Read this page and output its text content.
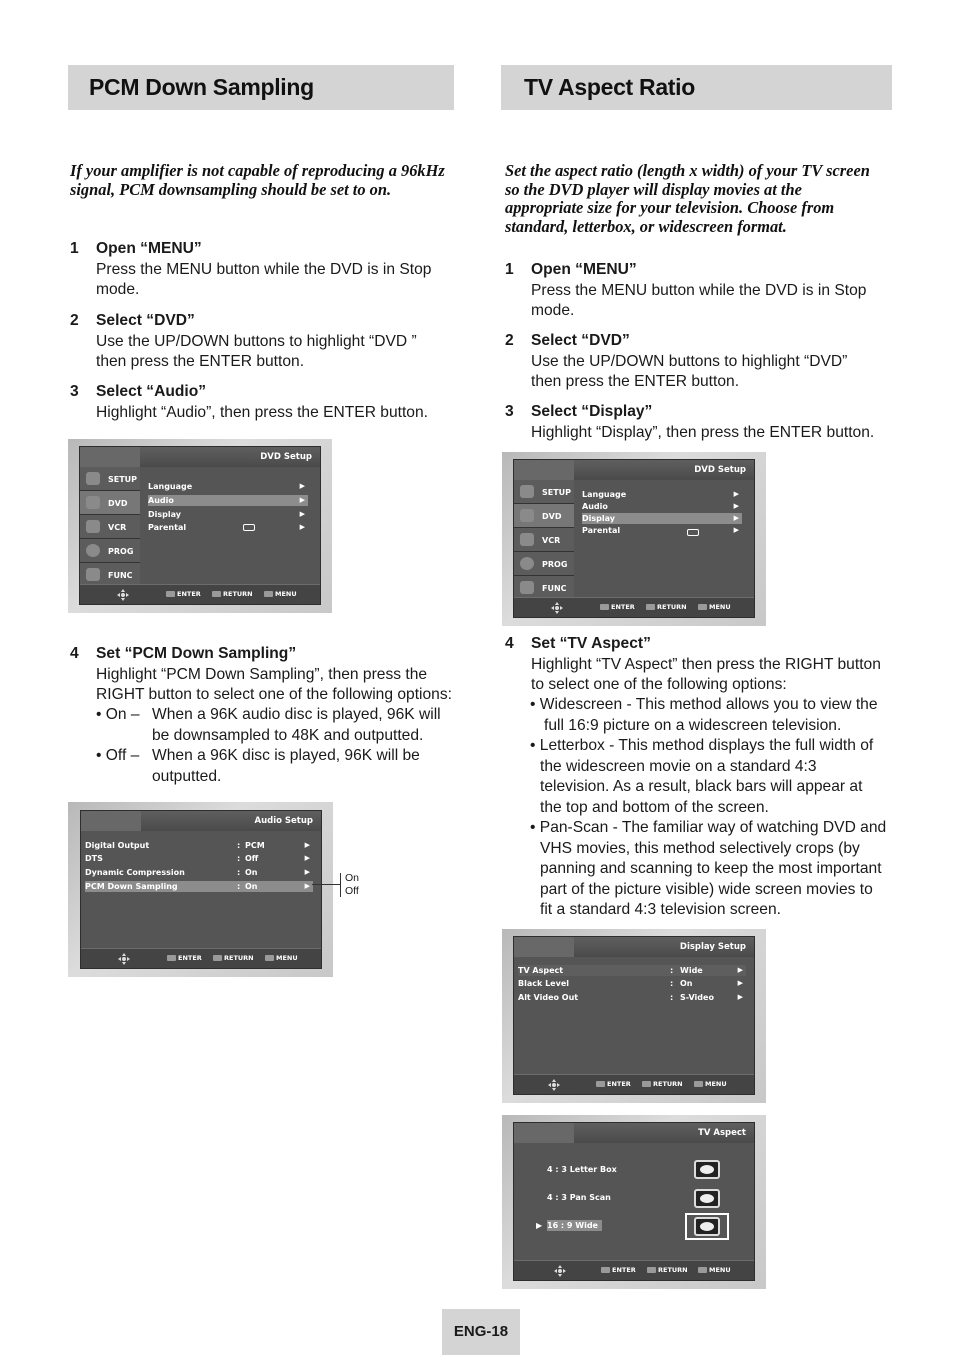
PCM Down Sampling
If your amplifier is not capable of reproducing a 96kHz
signal, PCM downsampling should be set to on.
1 Open “MENU”
Press the MENU button while the DVD is in Stop
mode.
2 Select “DVD”
Use the UP/DOWN buttons to highlight “DVD ”
then press the ENTER button.
3 Select “Audio”
Highlight “Audio”, then press the ENTER button.
DVD Setup
SETUP
DVD
VCR
PROG
FUNC
Language	▶
Audio	▶
Display	▶
Parental	▶
ENTER	RETURN	MENU
4 Set “PCM Down Sampling”
Highlight “PCM Down Sampling”, then press the
RIGHT button to select one of the following options:
• On – When a 96K audio disc is played, 96K will
be downsampled to 48K and outputted.
• Off – When a 96K disc is played, 96K will be
outputted.
Audio Setup
Digital Output	: PCM	▶
DTS	: Off	▶
Dynamic Compression	: On	▶
PCM Down Sampling	: On	▶
ENTER	RETURN	MENU
On
Off
TV Aspect Ratio
Set the aspect ratio (length x width) of your TV screen
so the DVD player will display movies at the
appropriate size for your television. Choose from
standard, letterbox, or widescreen format.
1 Open “MENU”
Press the MENU button while the DVD is in Stop
mode.
2 Select “DVD”
Use the UP/DOWN buttons to highlight “DVD”
then press the ENTER button.
3 Select “Display”
Highlight “Display”, then press the ENTER button.
DVD Setup
SETUP
DVD
VCR
PROG
FUNC
Language	▶
Audio	▶
Display	▶
Parental	▶
ENTER	RETURN	MENU
4 Set “TV Aspect”
Highlight “TV Aspect” then press the RIGHT button
to select one of the following options:
• Widescreen - This method allows you to view the
full 16:9 picture on a widescreen television.
• Letterbox - This method displays the full width of
the widescreen movie on a standard 4:3
television. As a result, black bars will appear at
the top and bottom of the screen.
• Pan-Scan - The familiar way of watching DVD and
VHS movies, this method selectively crops (by
panning and scanning to keep the most important
part of the picture visible) wide screen movies to
fit a standard 4:3 television screen.
Display Setup
TV Aspect	: Wide	▶
Black Level	: On	▶
Alt Video Out	: S-Video	▶
ENTER	RETURN	MENU
TV Aspect
4 : 3 Letter Box
4 : 3 Pan Scan
▶ 16 : 9 Wide
ENTER	RETURN	MENU
ENG-18
